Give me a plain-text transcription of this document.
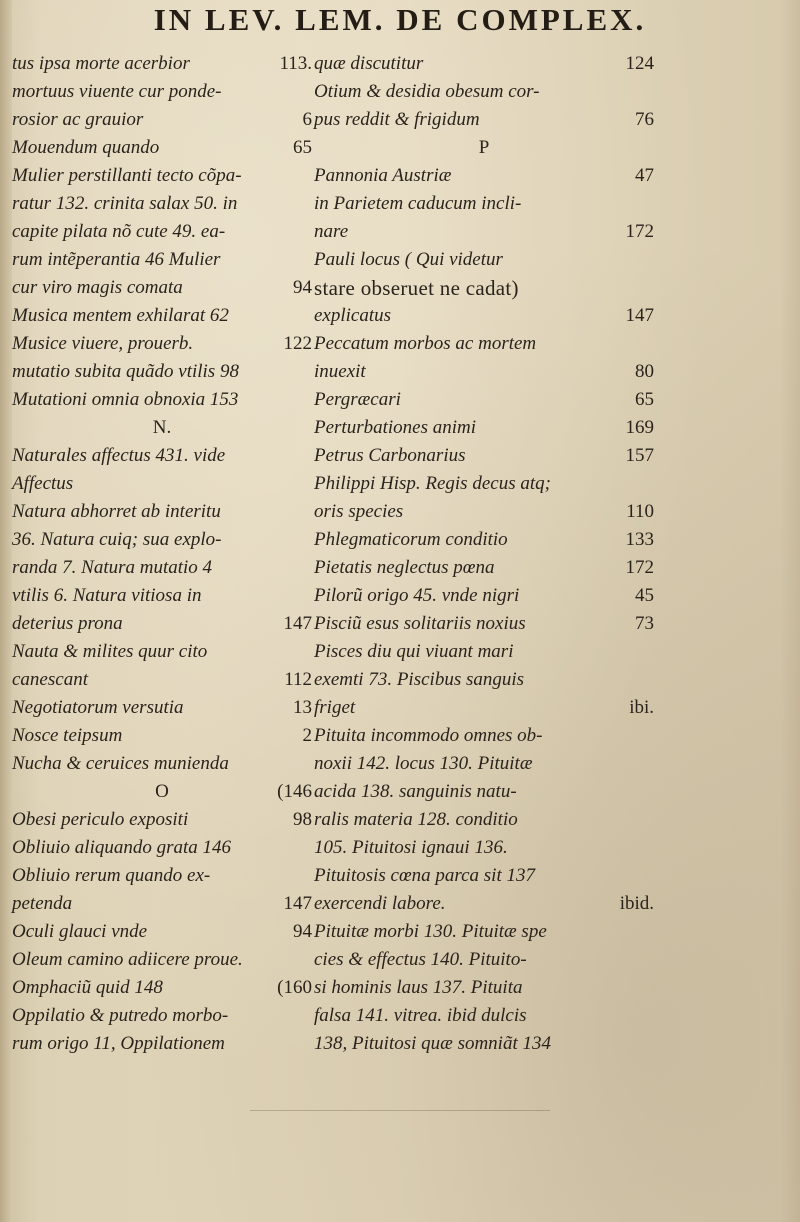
IN LEV. LEM. DE COMPLEX.
tus ipsa morte acerbior	113.
mortuus viuente cur ponde-
rosior ac grauior	6
Mouendum quando	65
Mulier perstillanti tecto cõpa-
ratur 132. crinita salax 50. in
capite pilata nõ cute 49. ea-
rum intẽperantia 46 Mulier
cur viro magis comata	94
Musica mentem exhilarat 62
Musice viuere, prouerb.	122
mutatio subita quãdo vtilis 98
Mutationi omnia obnoxia 153
N.
Naturales affectus 431. vide
Affectus
Natura abhorret ab interitu
36. Natura cuiq; sua explo-
randa 7. Natura mutatio 4
vtilis 6. Natura vitiosa in
deterius prona	147
Nauta & milites quur cito
canescant	112
Negotiatorum versutia	13
Nosce teipsum	2
Nucha & ceruices munienda
O	(146
Obesi periculo expositi	98
Obliuio aliquando grata 146
Obliuio rerum quando ex-
petenda	147
Oculi glauci vnde	94
Oleum camino adiicere proue.
Omphaciũ quid 148	(160
Oppilatio & putredo morbo-
rum origo 11, Oppilationem
quæ discutitur	124
Otium & desidia obesum cor-
pus reddit & frigidum	76
P
Pannonia Austriæ	47
in Parietem caducum incli-
nare	172
Pauli locus ( Qui videtur
stare obseruet ne cadat)
explicatus	147
Peccatum morbos ac mortem
inuexit	80
Pergræcari	65
Perturbationes animi	169
Petrus Carbonarius	157
Philippi Hisp. Regis decus atq;
oris species	110
Phlegmaticorum conditio	133
Pietatis neglectus pœna	172
Pilorũ origo 45. vnde nigri	45
Pisciũ esus solitariis noxius	73
Pisces diu qui viuant mari
exemti 73. Piscibus sanguis
friget	ibi.
Pituita incommodo omnes ob-
noxii 142. locus 130. Pituitæ
acida 138. sanguinis natu-
ralis materia 128. conditio
105. Pituitosi ignaui 136.
Pituitosis cœna parca sit 137
exercendi labore.	ibid.
Pituitæ morbi 130. Pituitæ spe
cies & effectus 140. Pituito-
si hominis laus 137. Pituita
falsa 141. vitrea. ibid dulcis
138, Pituitosi quæ somniãt 134
